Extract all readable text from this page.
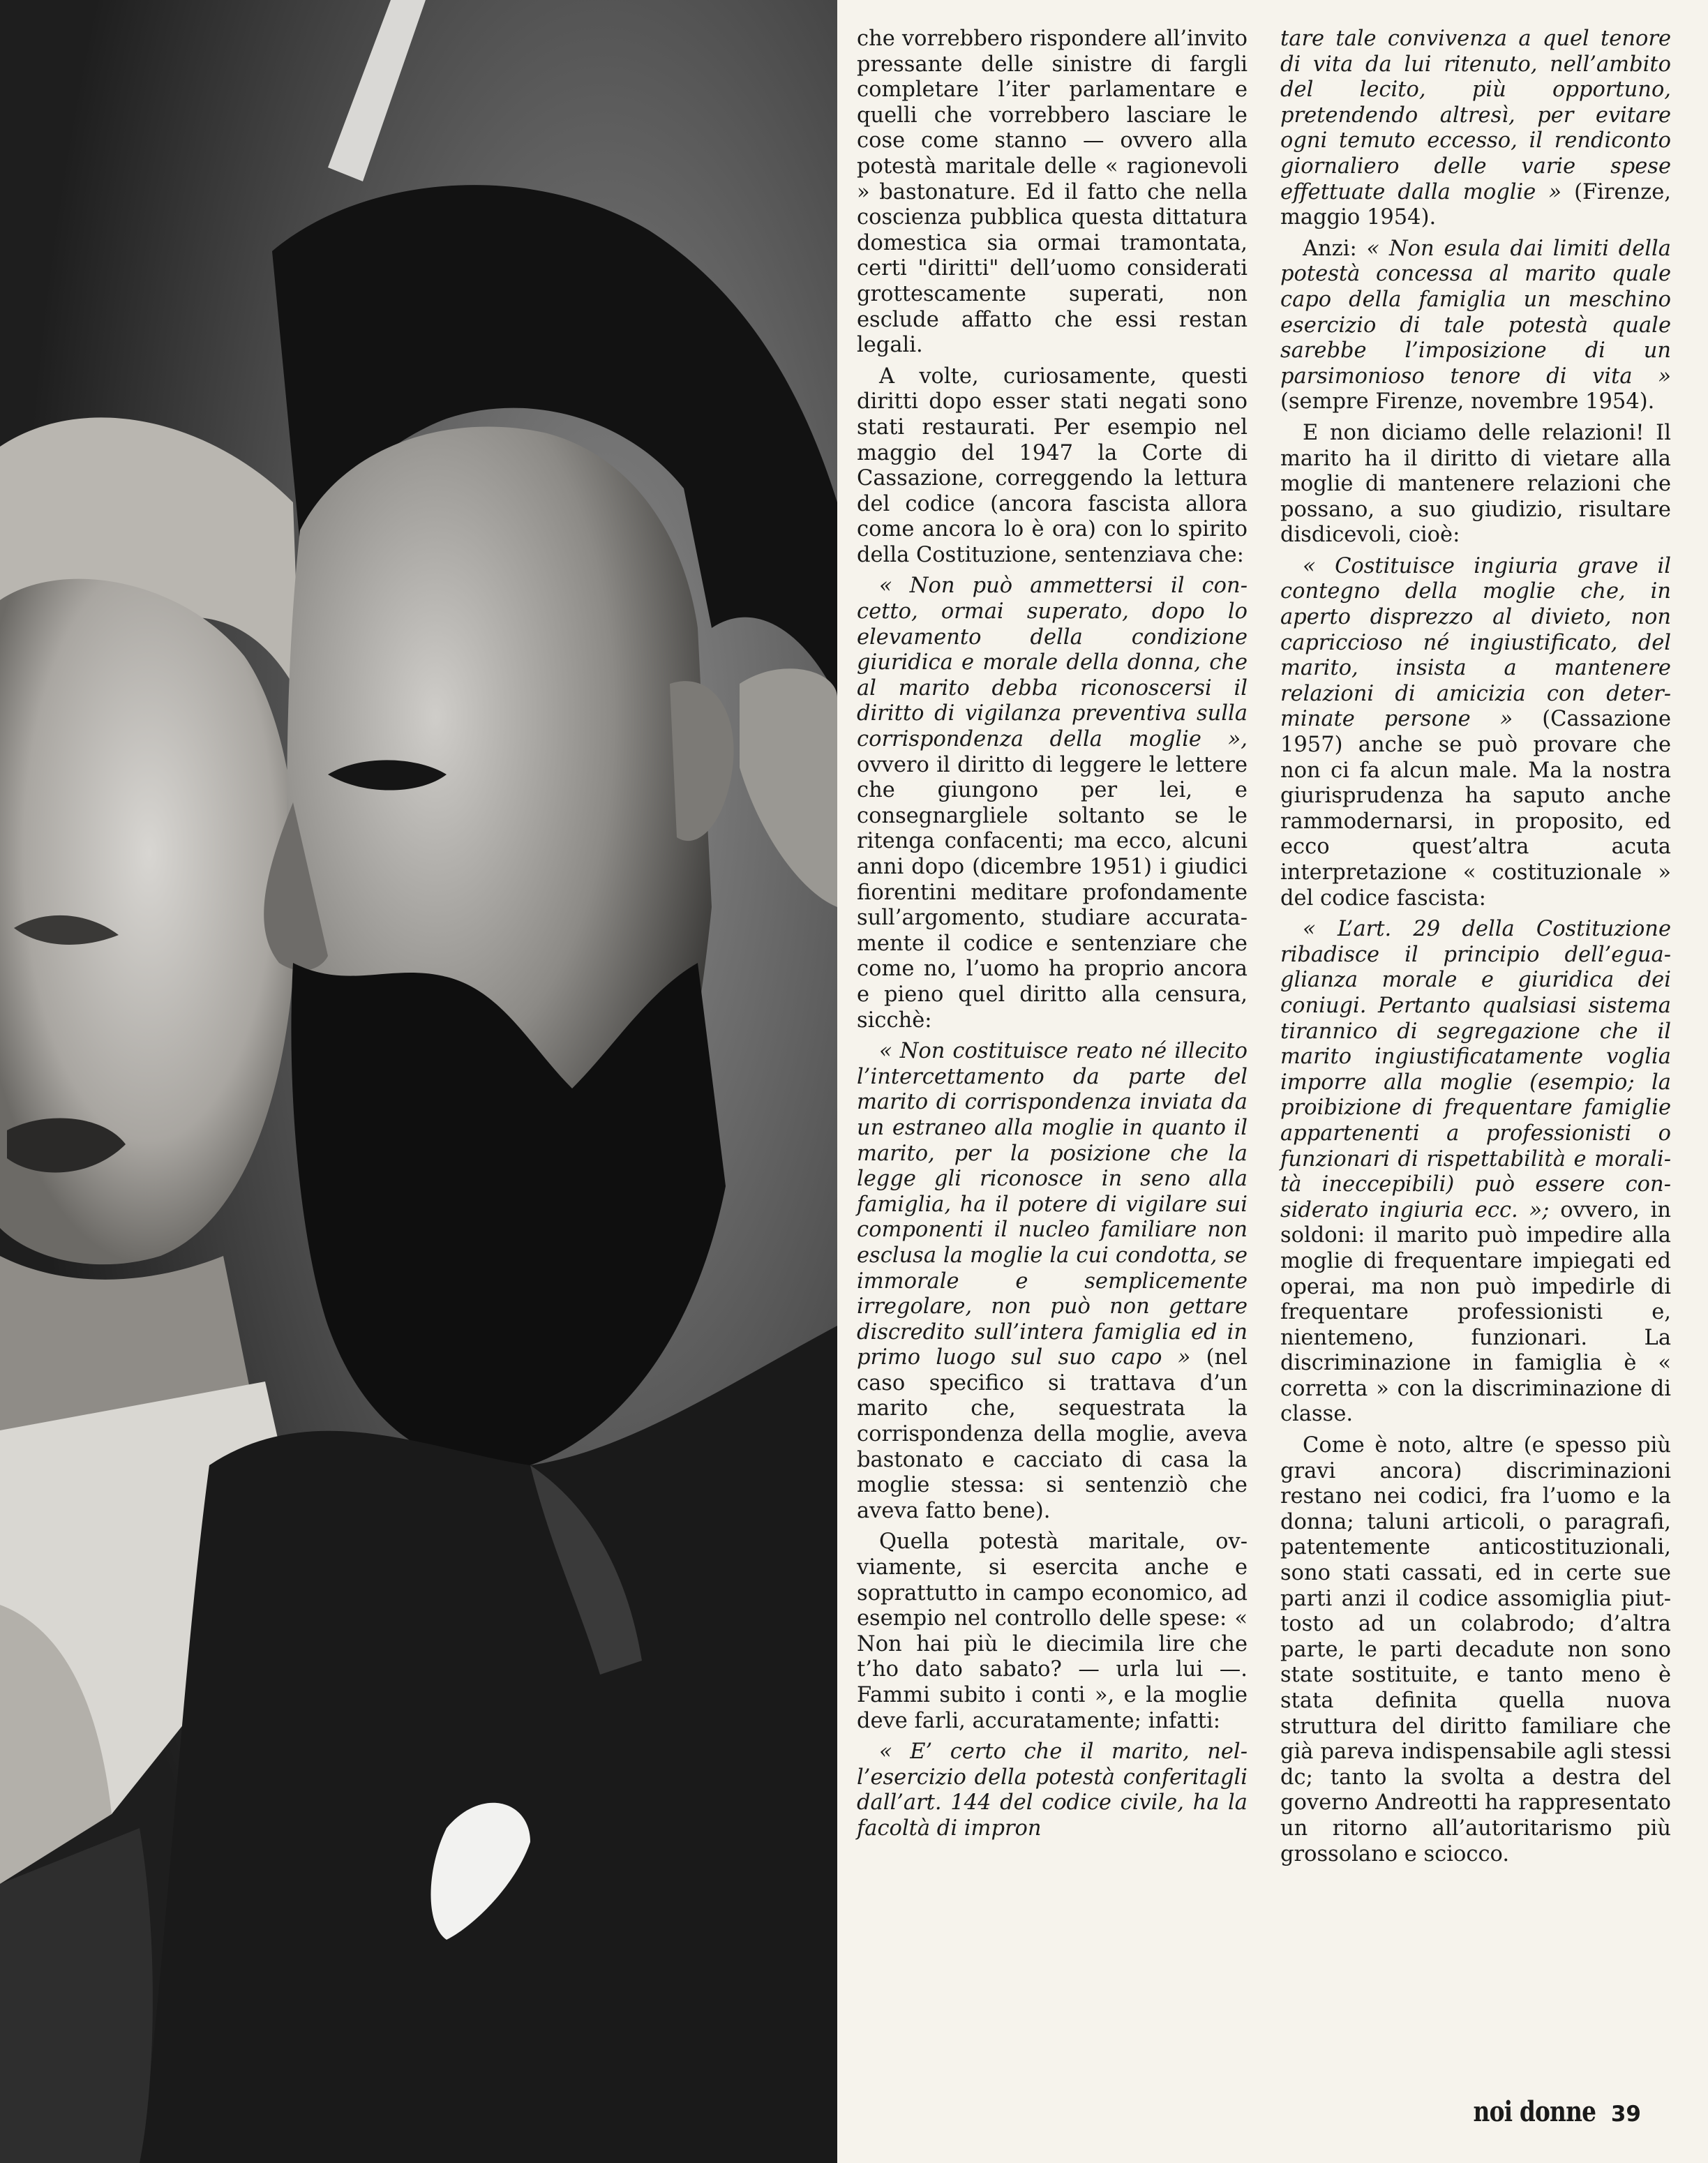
che vorrebbero rispondere all’invito pressante delle sinistre di fargli completare l’iter parlamentare e quelli che vorrebbero lasciare le cose come stanno — ovvero alla potestà maritale delle « ragionevoli » bastonature. Ed il fatto che nella coscienza pubblica questa dittatura domestica sia ormai tramontata, certi "diritti" dell’uomo considerati grottescamente superati, non esclude affatto che essi restan legali.

A volte, curiosamente, questi diritti dopo esser stati negati sono stati restaurati. Per esempio nel maggio del 1947 la Corte di Cassazione, correggendo la lettura del codice (ancora fascista allora come ancora lo è ora) con lo spirito della Costituzione, sentenziava che:

« Non può ammettersi il concetto, ormai superato, dopo lo elevamento della condizione giuridica e morale della donna, che al marito debba riconoscersi il diritto di vigilanza preventiva sulla corrispondenza della moglie », ovvero il diritto di leggere le lettere che giungono per lei, e consegnargliele soltanto se le ritenga confacenti; ma ecco, alcuni anni dopo (dicembre 1951) i giudici fiorentini meditare profondamente sull’argomento, studiare accuratamente il codice e sentenziare che come no, l’uomo ha proprio ancora e pieno quel diritto alla censura, sicchè:

« Non costituisce reato né illecito l’intercettamento da parte del marito di corrispondenza inviata da un estraneo alla moglie in quanto il marito, per la posizione che la legge gli riconosce in seno alla famiglia, ha il potere di vigilare sui componenti il nucleo familiare non esclusa la moglie la cui condotta, se immorale e semplicemente irregolare, non può non gettare discredito sull’intera famiglia ed in primo luogo sul suo capo » (nel caso specifico si trattava d’un marito che, sequestrata la corrispondenza della moglie, aveva bastonato e cacciato di casa la moglie stessa: si sentenziò che aveva fatto bene).

Quella potestà maritale, ovviamente, si esercita anche e soprattutto in campo economico, ad esempio nel controllo delle spese: « Non hai più le diecimila lire che t’ho dato sabato? — urla lui —. Fammi subito i conti », e la moglie deve farli, accuratamente; infatti:

« E’ certo che il marito, nell’esercizio della potestà conferitagli dall’art. 144 del codice civile, ha la facoltà di impron

tare tale convivenza a quel tenore di vita da lui ritenuto, nell’ambito del lecito, più opportuno, pretendendo altresì, per evitare ogni temuto eccesso, il rendiconto giornaliero delle varie spese effettuate dalla moglie » (Firenze, maggio 1954).

Anzi: « Non esula dai limiti della potestà concessa al marito quale capo della famiglia un meschino esercizio di tale potestà quale sarebbe l’imposizione di un parsimonioso tenore di vita » (sempre Firenze, novembre 1954).

E non diciamo delle relazioni! Il marito ha il diritto di vietare alla moglie di mantenere relazioni che possano, a suo giudizio, risultare disdicevoli, cioè:

« Costituisce ingiuria grave il contegno della moglie che, in aperto disprezzo al divieto, non capriccioso né ingiustificato, del marito, insista a mantenere relazioni di amicizia con determinate persone » (Cassazione 1957) anche se può provare che non ci fa alcun male. Ma la nostra giurisprudenza ha saputo anche rammodernarsi, in proposito, ed ecco quest’altra acuta interpretazione « costituzionale » del codice fascista:

« L’art. 29 della Costituzione ribadisce il principio dell’eguaglianza morale e giuridica dei coniugi. Pertanto qualsiasi sistema tirannico di segregazione che il marito ingiustificatamente voglia imporre alla moglie (esempio; la proibizione di frequentare famiglie appartenenti a professionisti o funzionari di rispettabilità e moralità ineccepibili) può essere considerato ingiuria ecc. »; ovvero, in soldoni: il marito può impedire alla moglie di frequentare impiegati ed operai, ma non può impedirle di frequentare professionisti e, nientemeno, funzionari. La discriminazione in famiglia è « corretta » con la discriminazione di classe.

Come è noto, altre (e spesso più gravi ancora) discriminazioni restano nei codici, fra l’uomo e la donna; taluni articoli, o paragrafi, patentemente anticostituzionali, sono stati cassati, ed in certe sue parti anzi il codice assomiglia piuttosto ad un colabrodo; d’altra parte, le parti decadute non sono state sostituite, e tanto meno è stata definita quella nuova struttura del diritto familiare che già pareva indispensabile agli stessi dc; tanto la svolta a destra del governo Andreotti ha rappresentato un ritorno all’autoritarismo più grossolano e sciocco.

noi donne 39
